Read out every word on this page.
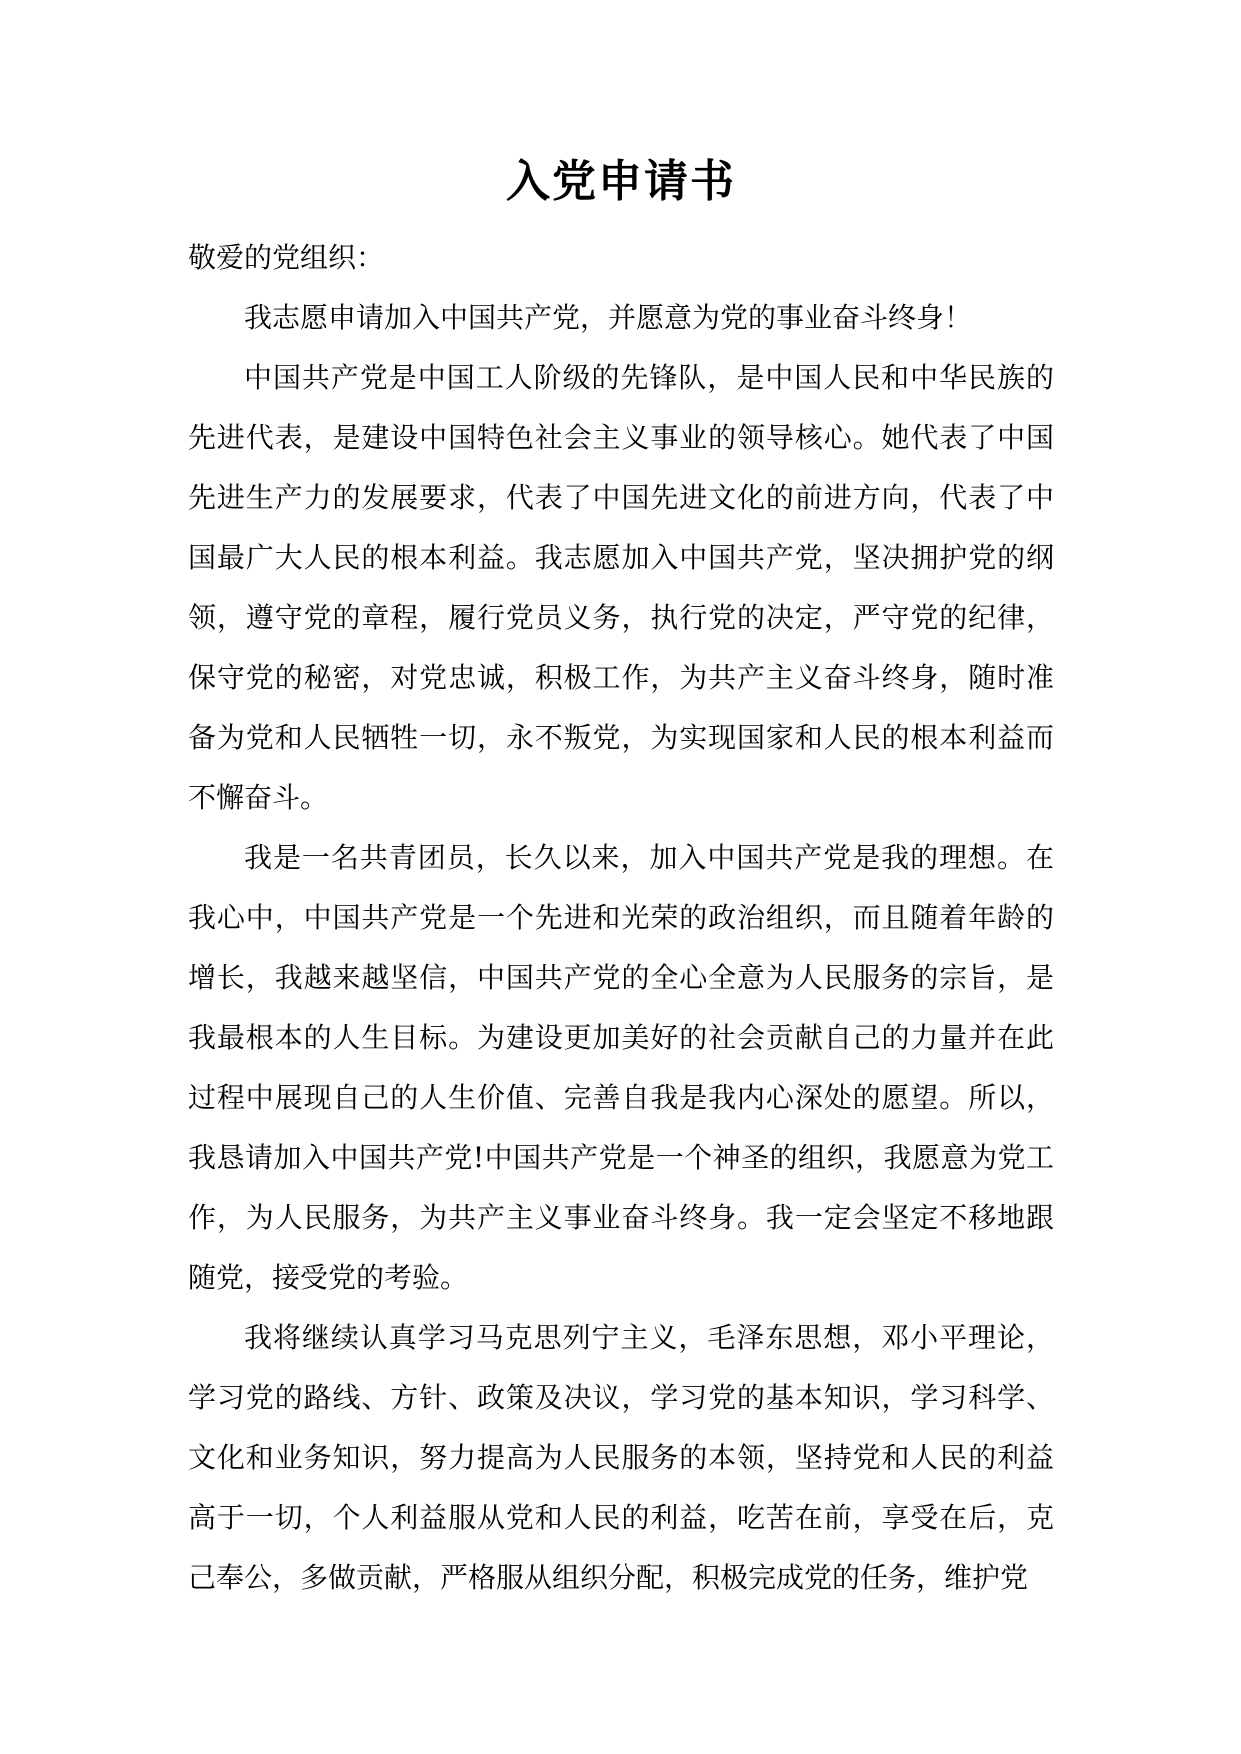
入党申请书

敬爱的党组织：

我志愿申请加入中国共产党，并愿意为党的事业奋斗终身！

中国共产党是中国工人阶级的先锋队，是中国人民和中华民族的先进代表，是建设中国特色社会主义事业的领导核心。她代表了中国先进生产力的发展要求，代表了中国先进文化的前进方向，代表了中国最广大人民的根本利益。我志愿加入中国共产党，坚决拥护党的纲领，遵守党的章程，履行党员义务，执行党的决定，严守党的纪律，保守党的秘密，对党忠诚，积极工作，为共产主义奋斗终身，随时准备为党和人民牺牲一切，永不叛党，为实现国家和人民的根本利益而不懈奋斗。

我是一名共青团员，长久以来，加入中国共产党是我的理想。在我心中，中国共产党是一个先进和光荣的政治组织，而且随着年龄的增长，我越来越坚信，中国共产党的全心全意为人民服务的宗旨，是我最根本的人生目标。为建设更加美好的社会贡献自己的力量并在此过程中展现自己的人生价值、完善自我是我内心深处的愿望。所以，我恳请加入中国共产党!中国共产党是一个神圣的组织，我愿意为党工作，为人民服务，为共产主义事业奋斗终身。我一定会坚定不移地跟随党，接受党的考验。

我将继续认真学习马克思列宁主义，毛泽东思想，邓小平理论，学习党的路线、方针、政策及决议，学习党的基本知识，学习科学、文化和业务知识，努力提高为人民服务的本领，坚持党和人民的利益高于一切，个人利益服从党和人民的利益，吃苦在前，享受在后，克己奉公，多做贡献，严格服从组织分配，积极完成党的任务，维护党
